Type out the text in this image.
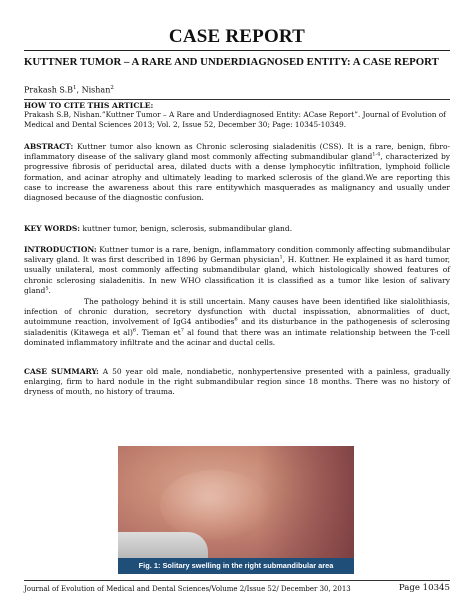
CASE REPORT
KUTTNER TUMOR – A RARE AND UNDERDIAGNOSED ENTITY: A CASE REPORT
Prakash $S.B^1$, Nishan$^2$
HOW TO CITE THIS ARTICLE:
Prakash S.B, Nishan.”Kuttner Tumor – A Rare and Underdiagnosed Entity: ACase Report”. Journal of Evolution of Medical and Dental Sciences 2013; Vol. 2, Issue 52, December 30; Page: 10345-10349.
ABSTRACT: Kuttner tumor also known as Chronic sclerosing sialadenitis (CSS). It is a rare, benign, fibro-inflammatory disease of the salivary gland most commonly affecting submandibular gland$^{1-4}$, characterized by progressive fibrosis of periductal area, dilated ducts with a dense lymphocytic infiltration, lymphoid follicle formation, and acinar atrophy and ultimately leading to marked sclerosis of the gland.We are reporting this case to increase the awareness about this rare entitywhich masquerades as malignancy and usually under diagnosed because of the diagnostic confusion.
KEY WORDS: kuttner tumor, benign, sclerosis, submandibular gland.
INTRODUCTION: Kuttner tumor is a rare, benign, inflammatory condition commonly affecting submandibular salivary gland. It was first described in 1896 by German physician$^1$, H. Kuttner. He explained it as hard tumor, usually unilateral, most commonly affecting submandibular gland, which histologically showed features of chronic sclerosing sialadenitis. In new WHO classification it is classified as a tumor like lesion of salivary gland$^5$.
The pathology behind it is still uncertain. Many causes have been identified like sialolithiasis, infection of chronic duration, secretory dysfunction with ductal inspissation, abnormalities of duct, autoimmune reaction, involvement of IgG4 antibodies$^6$ and its disturbance in the pathogenesis of sclerosing sialadenitis (Kitawega et al)$^6$. Tieman $et^7$ al found that there was an intimate relationship between the T-cell dominated inflammatory infiltrate and the acinar and ductal cells.
CASE SUMMARY: A 50 year old male, nondiabetic, nonhypertensive presented with a painless, gradually enlarging, firm to hard nodule in the right submandibular region since 18 months. There was no history of dryness of mouth, no history of trauma.
Fig. 1: Solitary swelling in the right submandibular area
Journal of Evolution of Medical and Dental Sciences/Volume 2/Issue 52/ December 30, 2013	Page 10345
